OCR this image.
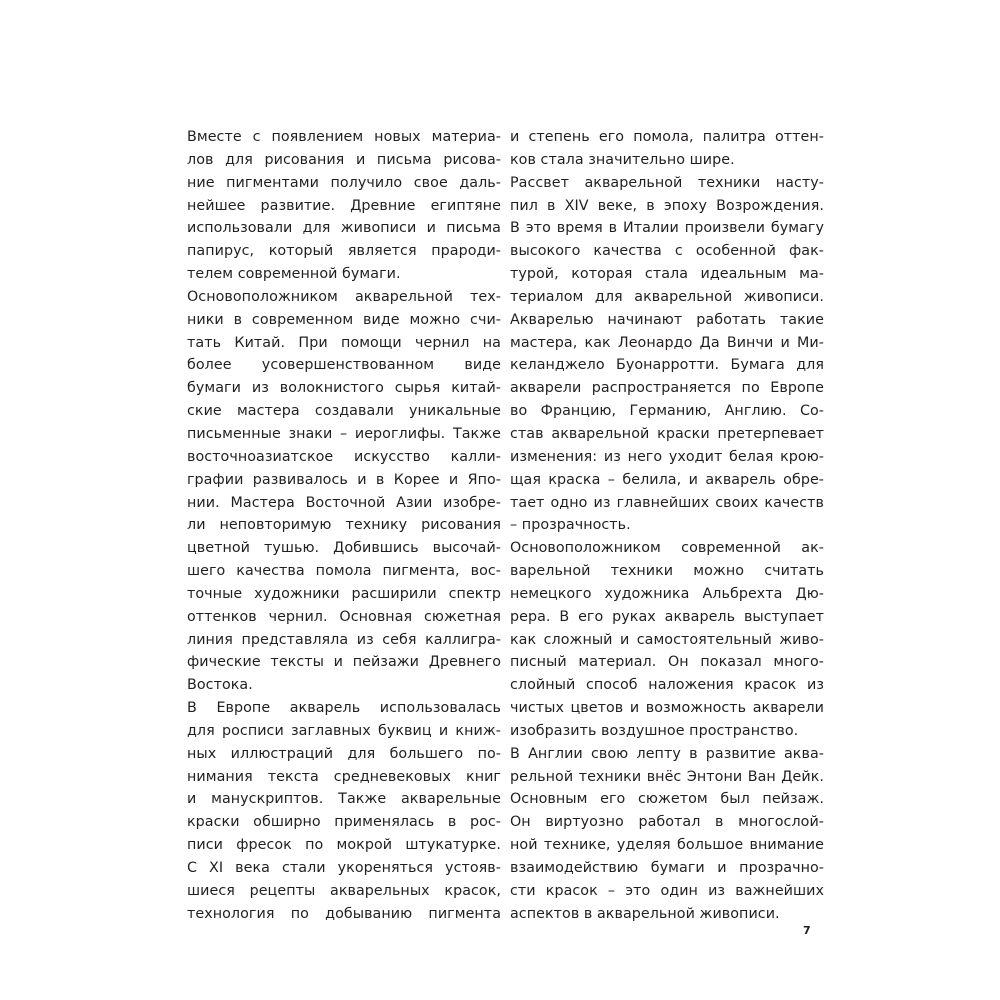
Вместе с появлением новых материа-
лов для рисования и письма рисова-
ние пигментами получило свое даль-
нейшее развитие. Древние египтяне
использовали для живописи и письма
папирус, который является прароди-
телем современной бумаги.
Основоположником акварельной тех-
ники в современном виде можно счи-
тать Китай. При помощи чернил на
более усовершенствованном виде
бумаги из волокнистого сырья китай-
ские мастера создавали уникальные
письменные знаки – иероглифы. Также
восточноазиатское искусство калли-
графии развивалось и в Корее и Япо-
нии. Мастера Восточной Азии изобре-
ли неповторимую технику рисования
цветной тушью. Добившись высочай-
шего качества помола пигмента, вос-
точные художники расширили спектр
оттенков чернил. Основная сюжетная
линия представляла из себя каллигра-
фические тексты и пейзажи Древнего
Востока.
В Европе акварель использовалась
для росписи заглавных буквиц и книж-
ных иллюстраций для большего по-
нимания текста средневековых книг
и манускриптов. Также акварельные
краски обширно применялась в рос-
писи фресок по мокрой штукатурке.
С XI века стали укореняться устояв-
шиеся рецепты акварельных красок,
технология по добыванию пигмента
и степень его помола, палитра оттен-
ков стала значительно шире.
Рассвет акварельной техники насту-
пил в XIV веке, в эпоху Возрождения.
В это время в Италии произвели бумагу
высокого качества с особенной фак-
турой, которая стала идеальным ма-
териалом для акварельной живописи.
Акварелью начинают работать такие
мастера, как Леонардо Да Винчи и Ми-
келанджело Буонарротти. Бумага для
акварели распространяется по Европе
во Францию, Германию, Англию. Со-
став акварельной краски претерпевает
изменения: из него уходит белая крою-
щая краска – белила, и акварель обре-
тает одно из главнейших своих качеств
– прозрачность.
Основоположником современной ак-
варельной техники можно считать
немецкого художника Альбрехта Дю-
рера. В его руках акварель выступает
как сложный и самостоятельный живо-
писный материал. Он показал много-
слойный способ наложения красок из
чистых цветов и возможность акварели
изобразить воздушное пространство.
В Англии свою лепту в развитие аква-
рельной техники внёс Энтони Ван Дейк.
Основным его сюжетом был пейзаж.
Он виртуозно работал в многослой-
ной технике, уделяя большое внимание
взаимодействию бумаги и прозрачно-
сти красок – это один из важнейших
аспектов в акварельной живописи.
7
